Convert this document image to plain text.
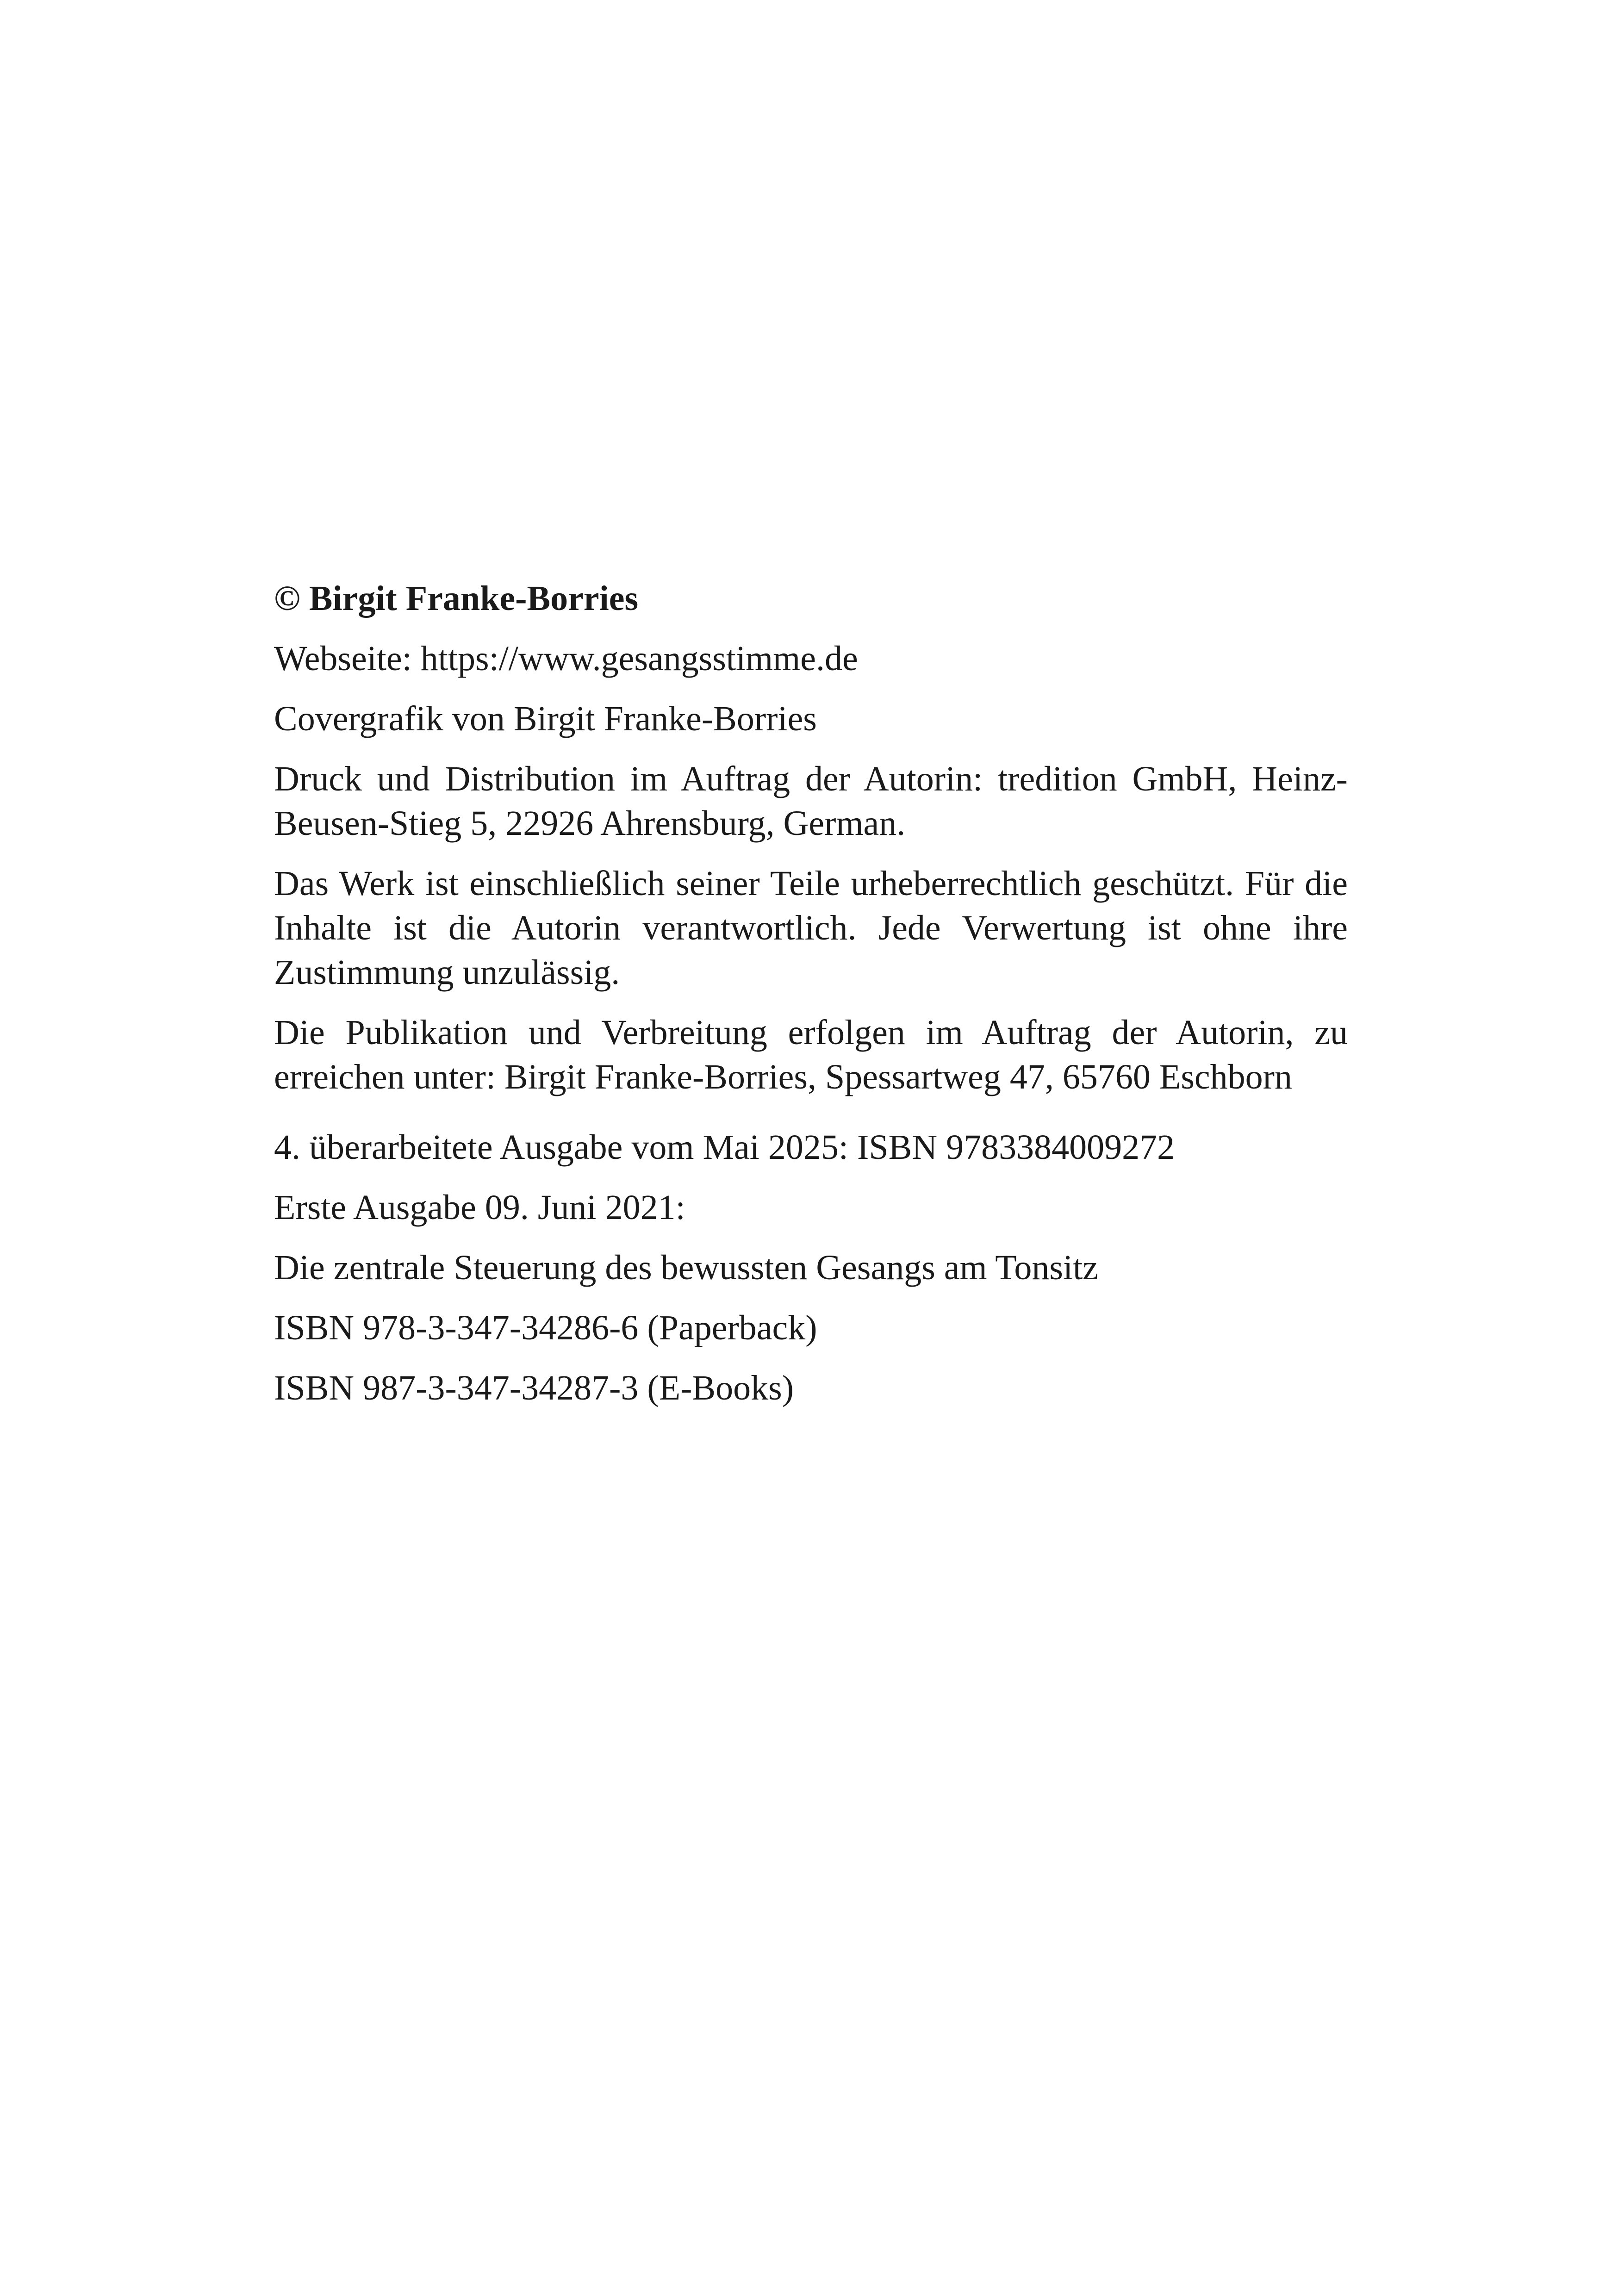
© Birgit Franke-Borries

Webseite: https://www.gesangsstimme.de

Covergrafik von Birgit Franke-Borries

Druck und Distribution im Auftrag der Autorin: tredition GmbH, Heinz-Beusen-Stieg 5, 22926 Ahrensburg, German.

Das Werk ist einschließlich seiner Teile urheberrechtlich geschützt. Für die Inhalte ist die Autorin verantwortlich. Jede Verwertung ist ohne ihre Zustimmung unzulässig.

Die Publikation und Verbreitung erfolgen im Auftrag der Autorin, zu erreichen unter: Birgit Franke-Borries, Spessartweg 47, 65760 Eschborn

4. überarbeitete Ausgabe vom Mai 2025: ISBN 9783384009272

Erste Ausgabe 09. Juni 2021:

Die zentrale Steuerung des bewussten Gesangs am Tonsitz

ISBN 978-3-347-34286-6 (Paperback)

ISBN 987-3-347-34287-3 (E-Books)
